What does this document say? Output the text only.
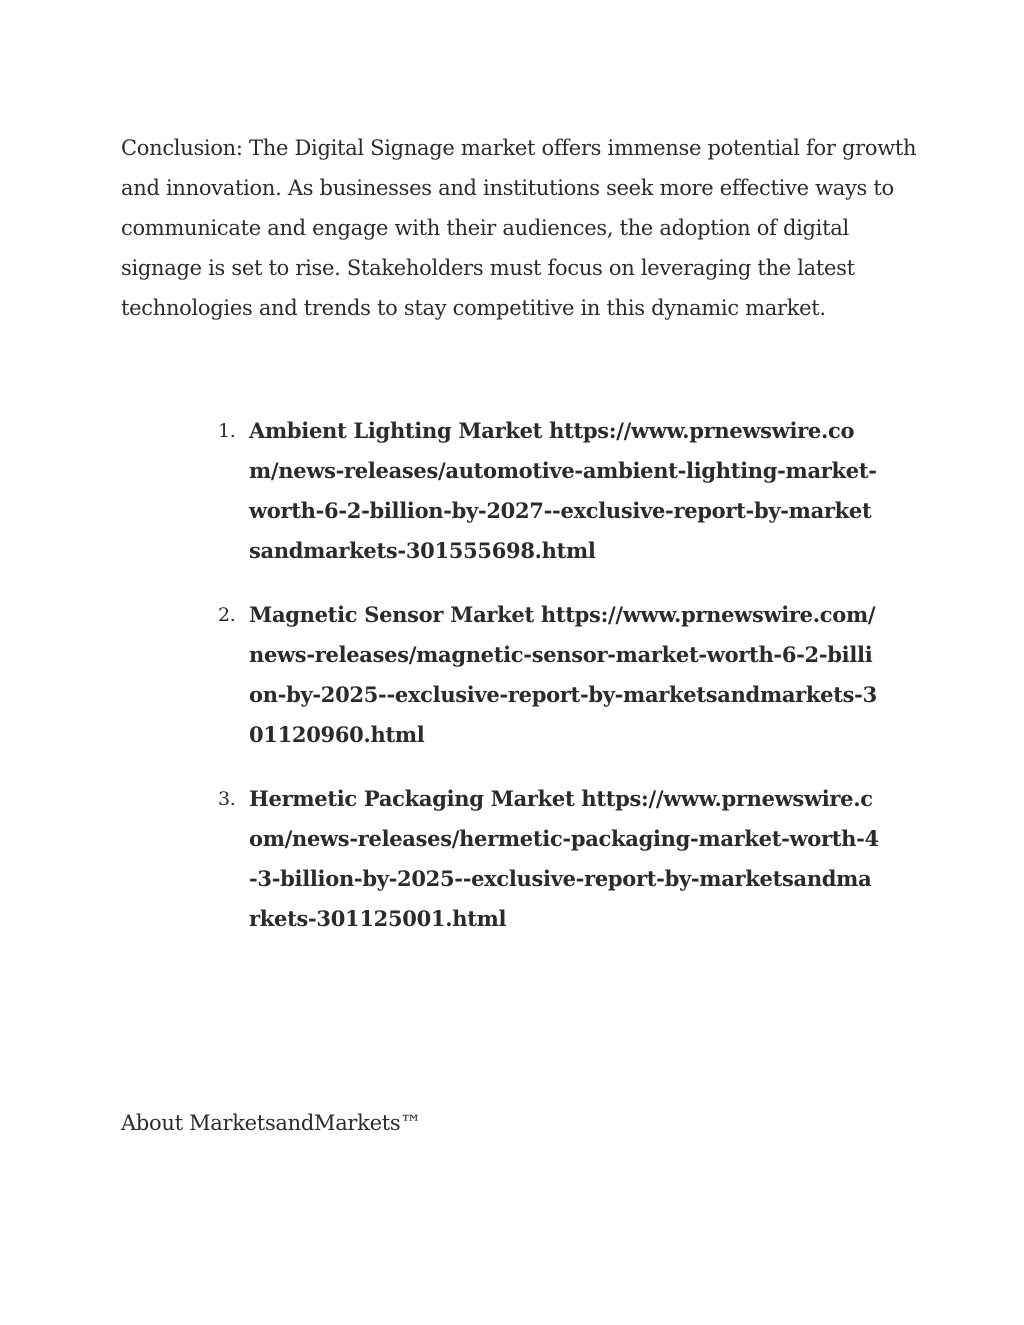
Conclusion: The Digital Signage market offers immense potential for growth and innovation. As businesses and institutions seek more effective ways to communicate and engage with their audiences, the adoption of digital signage is set to rise. Stakeholders must focus on leveraging the latest technologies and trends to stay competitive in this dynamic market.

1. Ambient Lighting Market https://www.prnewswire.com/news-releases/automotive-ambient-lighting-market-worth-6-2-billion-by-2027--exclusive-report-by-marketsandmarkets-301555698.html
2. Magnetic Sensor Market https://www.prnewswire.com/news-releases/magnetic-sensor-market-worth-6-2-billion-by-2025--exclusive-report-by-marketsandmarkets-301120960.html
3. Hermetic Packaging Market https://www.prnewswire.com/news-releases/hermetic-packaging-market-worth-4-3-billion-by-2025--exclusive-report-by-marketsandmarkets-301125001.html

About MarketsandMarkets™
